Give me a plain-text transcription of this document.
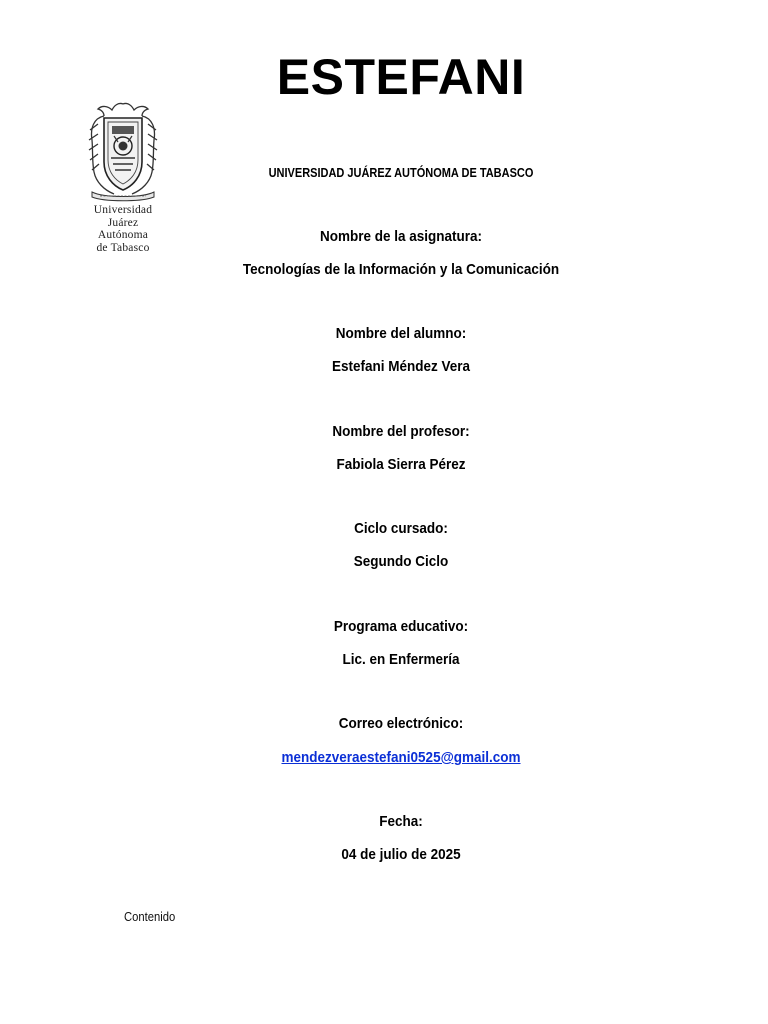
ESTEFANI
Universidad
Juárez
Autónoma
de Tabasco
UNIVERSIDAD JUÁREZ AUTÓNOMA DE TABASCO
Nombre de la asignatura:
Tecnologías de la Información y la Comunicación
Nombre del alumno:
Estefani Méndez Vera
Nombre del profesor:
Fabiola Sierra Pérez
Ciclo cursado:
Segundo Ciclo
Programa educativo:
Lic. en Enfermería
Correo electrónico:
mendezveraestefani0525@gmail.com
Fecha:
04 de julio de 2025
Contenido
